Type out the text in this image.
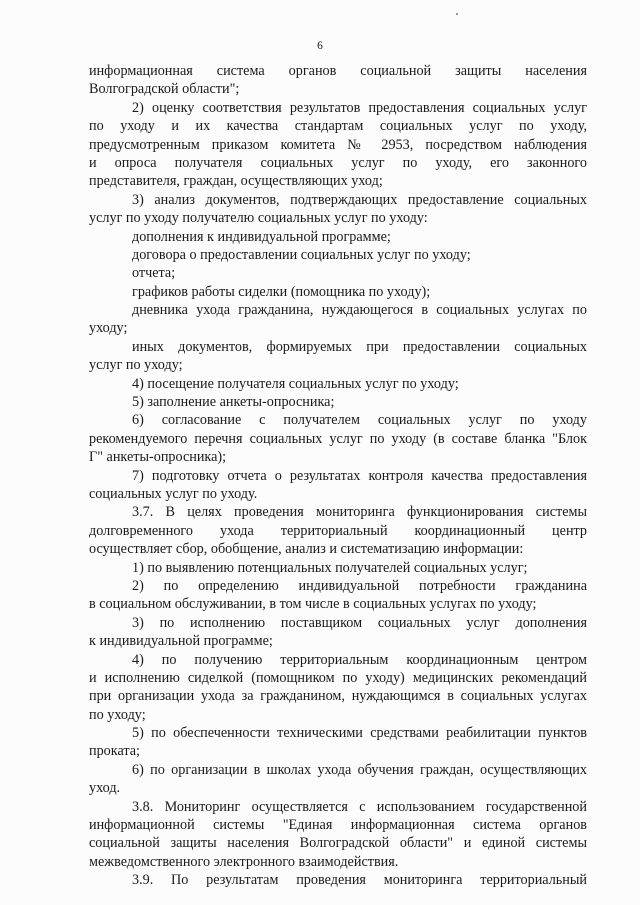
6
информационная система органов социальной защиты населения
Волгоградской области";
2) оценку соответствия результатов предоставления социальных услуг
по уходу и их качества стандартам социальных услуг по уходу,
предусмотренным приказом комитета № 2953, посредством наблюдения
и опроса получателя социальных услуг по уходу, его законного
представителя, граждан, осуществляющих уход;
3) анализ документов, подтверждающих предоставление социальных
услуг по уходу получателю социальных услуг по уходу:
дополнения к индивидуальной программе;
договора о предоставлении социальных услуг по уходу;
отчета;
графиков работы сиделки (помощника по уходу);
дневника ухода гражданина, нуждающегося в социальных услугах по
уходу;
иных документов, формируемых при предоставлении социальных
услуг по уходу;
4) посещение получателя социальных услуг по уходу;
5) заполнение анкеты-опросника;
6) согласование с получателем социальных услуг по уходу
рекомендуемого перечня социальных услуг по уходу (в составе бланка "Блок
Г" анкеты-опросника);
7) подготовку отчета о результатах контроля качества предоставления
социальных услуг по уходу.
3.7. В целях проведения мониторинга функционирования системы
долговременного ухода территориальный координационный центр
осуществляет сбор, обобщение, анализ и систематизацию информации:
1) по выявлению потенциальных получателей социальных услуг;
2) по определению индивидуальной потребности гражданина
в социальном обслуживании, в том числе в социальных услугах по уходу;
3) по исполнению поставщиком социальных услуг дополнения
к индивидуальной программе;
4) по получению территориальным координационным центром
и исполнению сиделкой (помощником по уходу) медицинских рекомендаций
при организации ухода за гражданином, нуждающимся в социальных услугах
по уходу;
5) по обеспеченности техническими средствами реабилитации пунктов
проката;
6) по организации в школах ухода обучения граждан, осуществляющих
уход.
3.8. Мониторинг осуществляется с использованием государственной
информационной системы "Единая информационная система органов
социальной защиты населения Волгоградской области" и единой системы
межведомственного электронного взаимодействия.
3.9. По результатам проведения мониторинга территориальный
